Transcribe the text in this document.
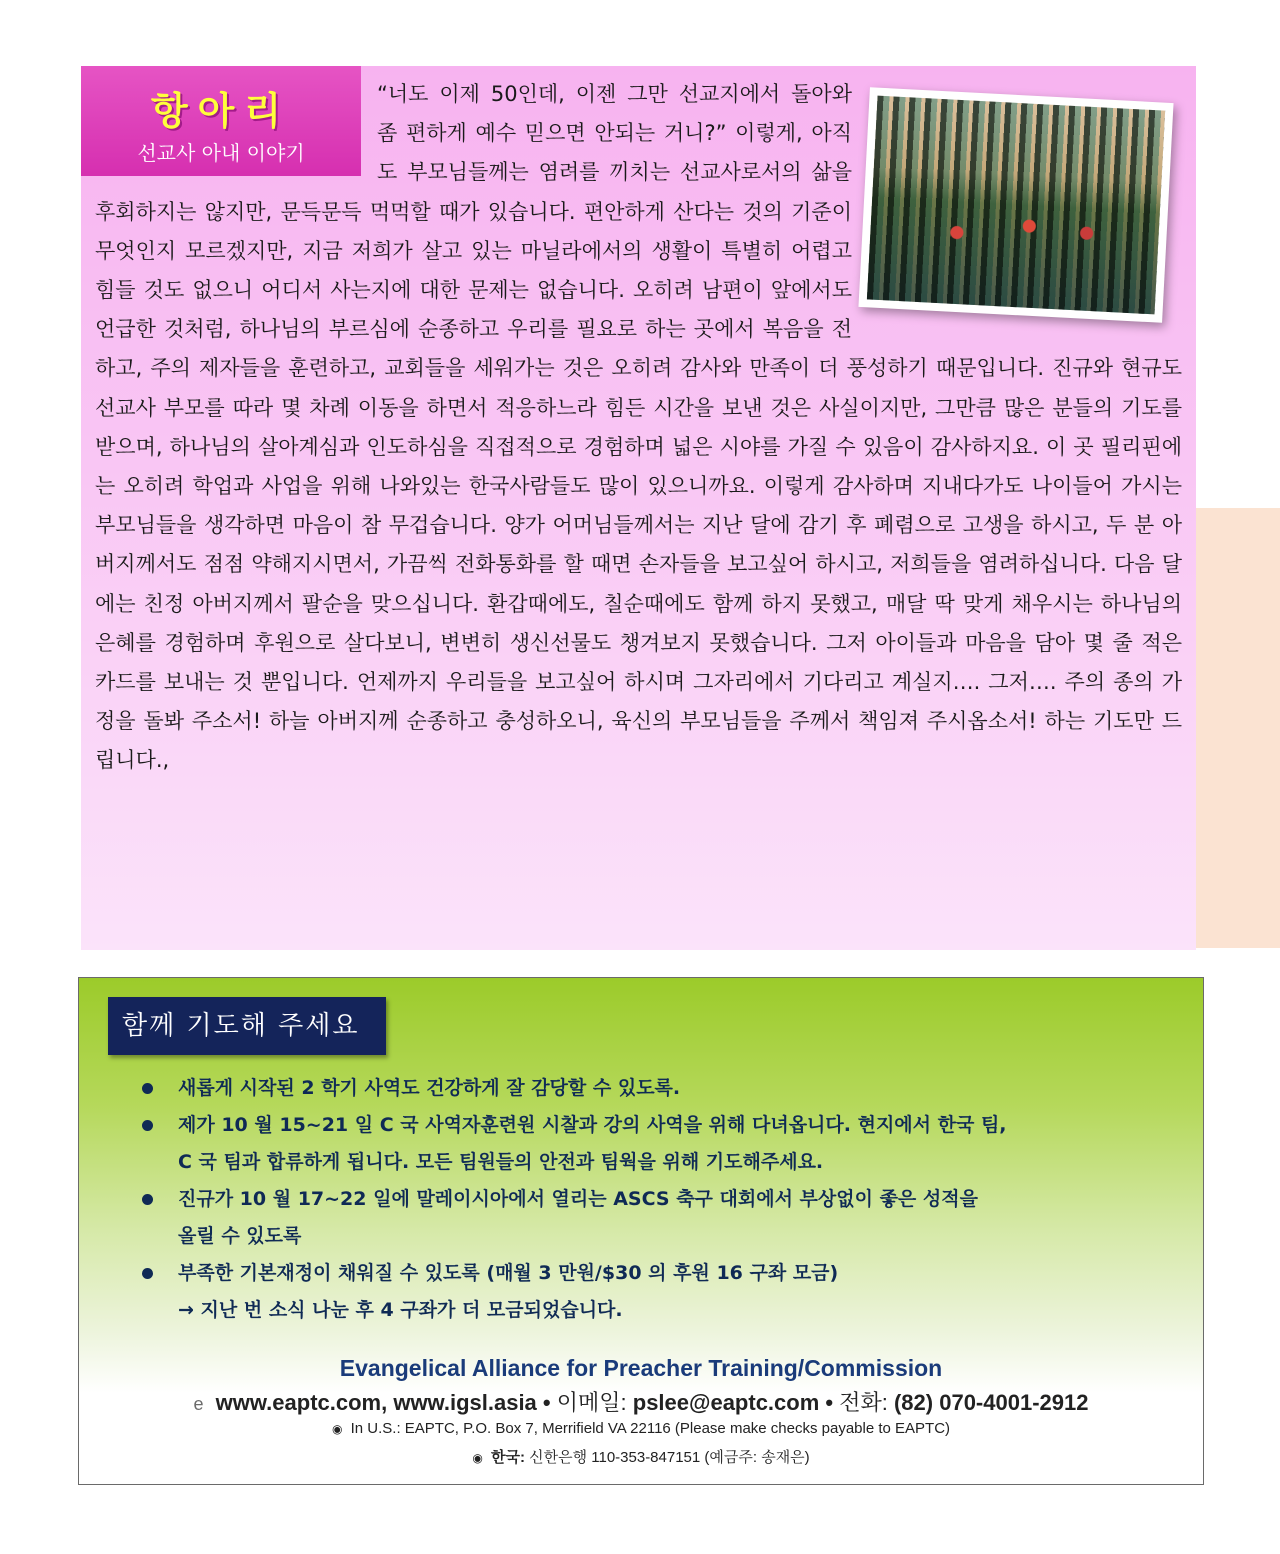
“너도 이제 50인데, 이젠 그만 선교지에서 돌아와 좀 편하게 예수 믿으면 안되는 거니?” 이렇게, 아직도 부모님들께는 염려를 끼치는 선교사로서의 삶을 후회하지는 않지만, 문득문득 먹먹할 때가 있습니다. 편안하게 산다는 것의 기준이 무엇인지 모르겠지만, 지금 저희가 살고 있는 마닐라에서의 생활이 특별히 어렵고 힘들 것도 없으니 어디서 사는지에 대한 문제는 없습니다. 오히려 남편이 앞에서도 언급한 것처럼, 하나님의 부르심에 순종하고 우리를 필요로 하는 곳에서 복음을 전하고, 주의 제자들을 훈련하고, 교회들을 세워가는 것은 오히려 감사와 만족이 더 풍성하기 때문입니다. 진규와 현규도 선교사 부모를 따라 몇 차례 이동을 하면서 적응하느라 힘든 시간을 보낸 것은 사실이지만, 그만큼 많은 분들의 기도를 받으며, 하나님의 살아계심과 인도하심을 직접적으로 경험하며 넓은 시야를 가질 수 있음이 감사하지요. 이 곳 필리핀에는 오히려 학업과 사업을 위해 나와있는 한국사람들도 많이 있으니까요. 이렇게 감사하며 지내다가도 나이들어 가시는 부모님들을 생각하면 마음이 참 무겁습니다. 양가 어머님들께서는 지난 달에 감기 후 폐렴으로 고생을 하시고, 두 분 아버지께서도 점점 약해지시면서, 가끔씩 전화통화를 할 때면 손자들을 보고싶어 하시고, 저희들을 염려하십니다. 다음 달에는 친정 아버지께서 팔순을 맞으십니다. 환갑때에도, 칠순때에도 함께 하지 못했고, 매달 딱 맞게 채우시는 하나님의 은혜를 경험하며 후원으로 살다보니, 변변히 생신선물도 챙겨보지 못했습니다. 그저 아이들과 마음을 담아 몇 줄 적은 카드를 보내는 것 뿐입니다. 언제까지 우리들을 보고싶어 하시며 그자리에서 기다리고 계실지…. 그저…. 주의 종의 가정을 돌봐 주소서! 하늘 아버지께 순종하고 충성하오니, 육신의 부모님들을 주께서 책임져 주시옵소서! 하는 기도만 드립니다.,
항아리
선교사 아내 이야기
함께 기도해 주세요
새롭게 시작된 2 학기 사역도 건강하게 잘 감당할 수 있도록.
제가 10 월 15~21 일 C 국 사역자훈련원 시찰과 강의 사역을 위해 다녀옵니다. 현지에서 한국 팀,
C 국 팀과 합류하게 됩니다. 모든 팀원들의 안전과 팀웍을 위해 기도해주세요.
진규가 10 월 17~22 일에 말레이시아에서 열리는 ASCS 축구 대회에서 부상없이 좋은 성적을
올릴 수 있도록
부족한 기본재정이 채워질 수 있도록 (매월 3 만원/$30 의 후원 16 구좌 모금)
→ 지난 번 소식 나눈 후 4 구좌가 더 모금되었습니다.
Evangelical Alliance for Preacher Training/Commission
e www.eaptc.com, www.igsl.asia • 이메일: pslee@eaptc.com • 전화: (82) 070-4001-2912
◉ In U.S.: EAPTC, P.O. Box 7, Merrifield VA 22116 (Please make checks payable to EAPTC)
◉ 한국: 신한은행 110-353-847151 (예금주: 송재은)
